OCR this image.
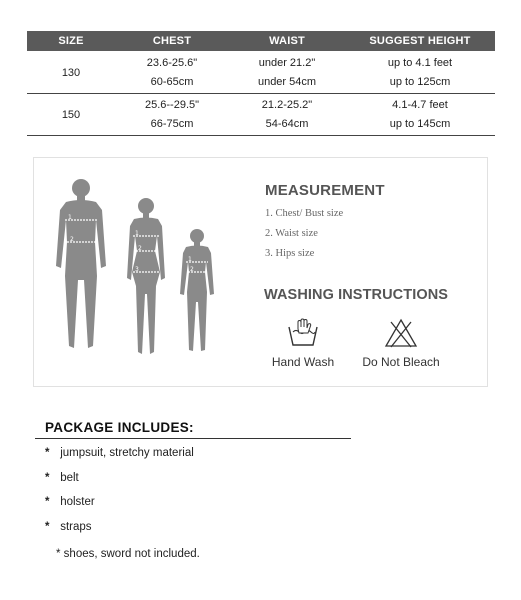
SIZE	CHEST	WAIST	SUGGEST HEIGHT
130	23.6-25.6"	under 21.2"	up to 4.1 feet
	60-65cm	under 54cm	up to 125cm
150	25.6--29.5"	21.2-25.2"	4.1-4.7 feet
	66-75cm	54-64cm	up to 145cm
1
2
1
2
3
1
2
MEASUREMENT
1. Chest/ Bust size
2. Waist size
3. Hips size
WASHING INSTRUCTIONS
Hand Wash	Do Not Bleach
PACKAGE INCLUDES:
* jumpsuit, stretchy material
* belt
* holster
* straps
* shoes, sword not included.
